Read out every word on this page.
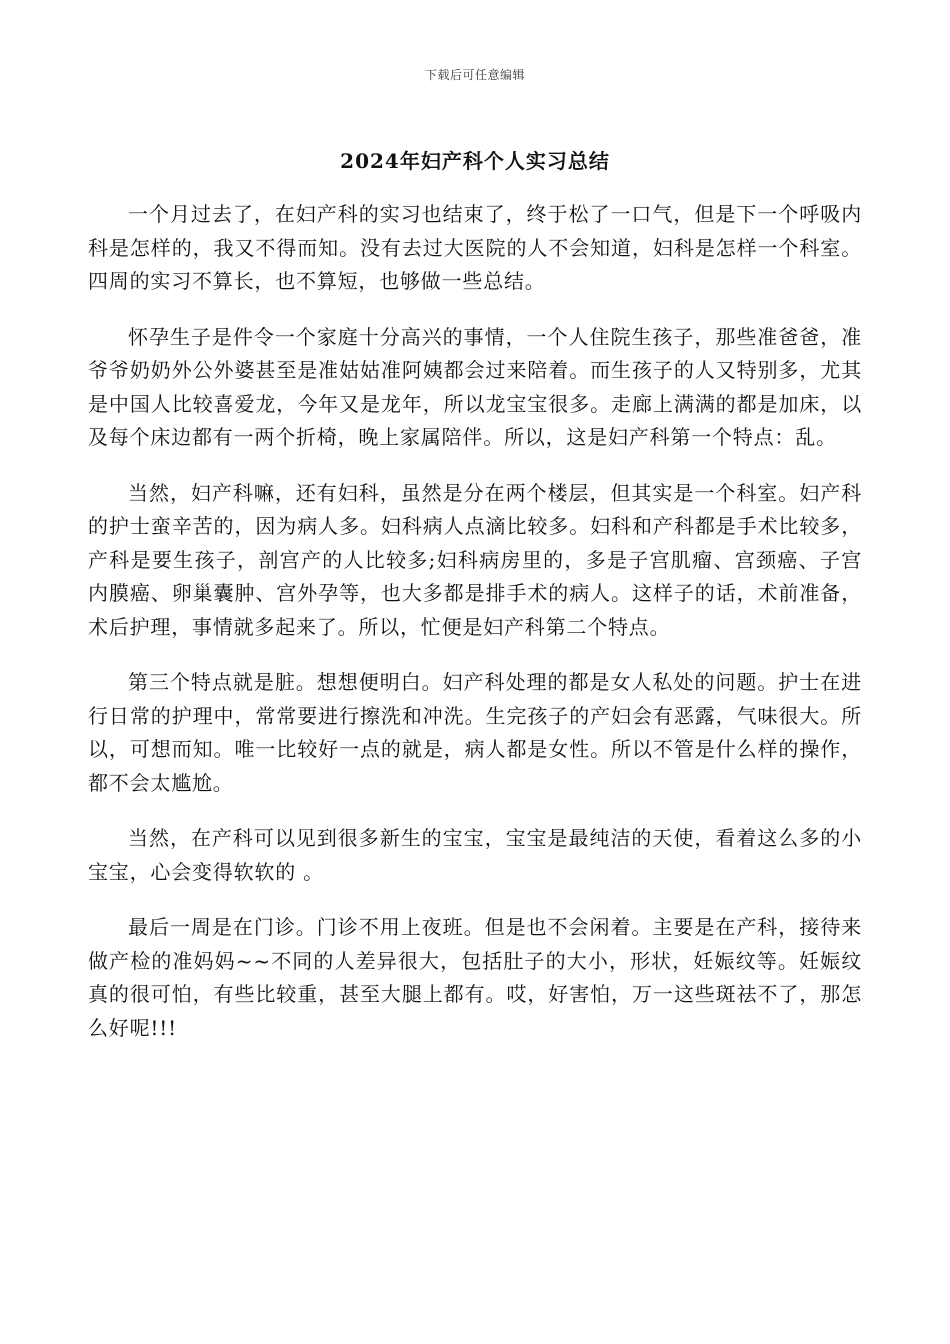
下载后可任意编辑
2024年妇产科个人实习总结

一个月过去了，在妇产科的实习也结束了，终于松了一口气，但是下一个呼吸内科是怎样的，我又不得而知。没有去过大医院的人不会知道，妇科是怎样一个科室。四周的实习不算长，也不算短，也够做一些总结。

怀孕生子是件令一个家庭十分高兴的事情，一个人住院生孩子，那些准爸爸，准爷爷奶奶外公外婆甚至是准姑姑准阿姨都会过来陪着。而生孩子的人又特别多，尤其是中国人比较喜爱龙，今年又是龙年，所以龙宝宝很多。走廊上满满的都是加床，以及每个床边都有一两个折椅，晚上家属陪伴。所以，这是妇产科第一个特点：乱。

当然，妇产科嘛，还有妇科，虽然是分在两个楼层，但其实是一个科室。妇产科的护士蛮辛苦的，因为病人多。妇科病人点滴比较多。妇科和产科都是手术比较多，产科是要生孩子，剖宫产的人比较多;妇科病房里的，多是子宫肌瘤、宫颈癌、子宫内膜癌、卵巢囊肿、宫外孕等，也大多都是排手术的病人。这样子的话，术前准备，术后护理，事情就多起来了。所以，忙便是妇产科第二个特点。

第三个特点就是脏。想想便明白。妇产科处理的都是女人私处的问题。护士在进行日常的护理中，常常要进行擦洗和冲洗。生完孩子的产妇会有恶露，气味很大。所以，可想而知。唯一比较好一点的就是，病人都是女性。所以不管是什么样的操作，都不会太尴尬。

当然，在产科可以见到很多新生的宝宝，宝宝是最纯洁的天使，看着这么多的小宝宝，心会变得软软的 。

最后一周是在门诊。门诊不用上夜班。但是也不会闲着。主要是在产科，接待来做产检的准妈妈~~不同的人差异很大，包括肚子的大小，形状，妊娠纹等。妊娠纹真的很可怕，有些比较重，甚至大腿上都有。哎，好害怕，万一这些斑祛不了，那怎么好呢!!!
